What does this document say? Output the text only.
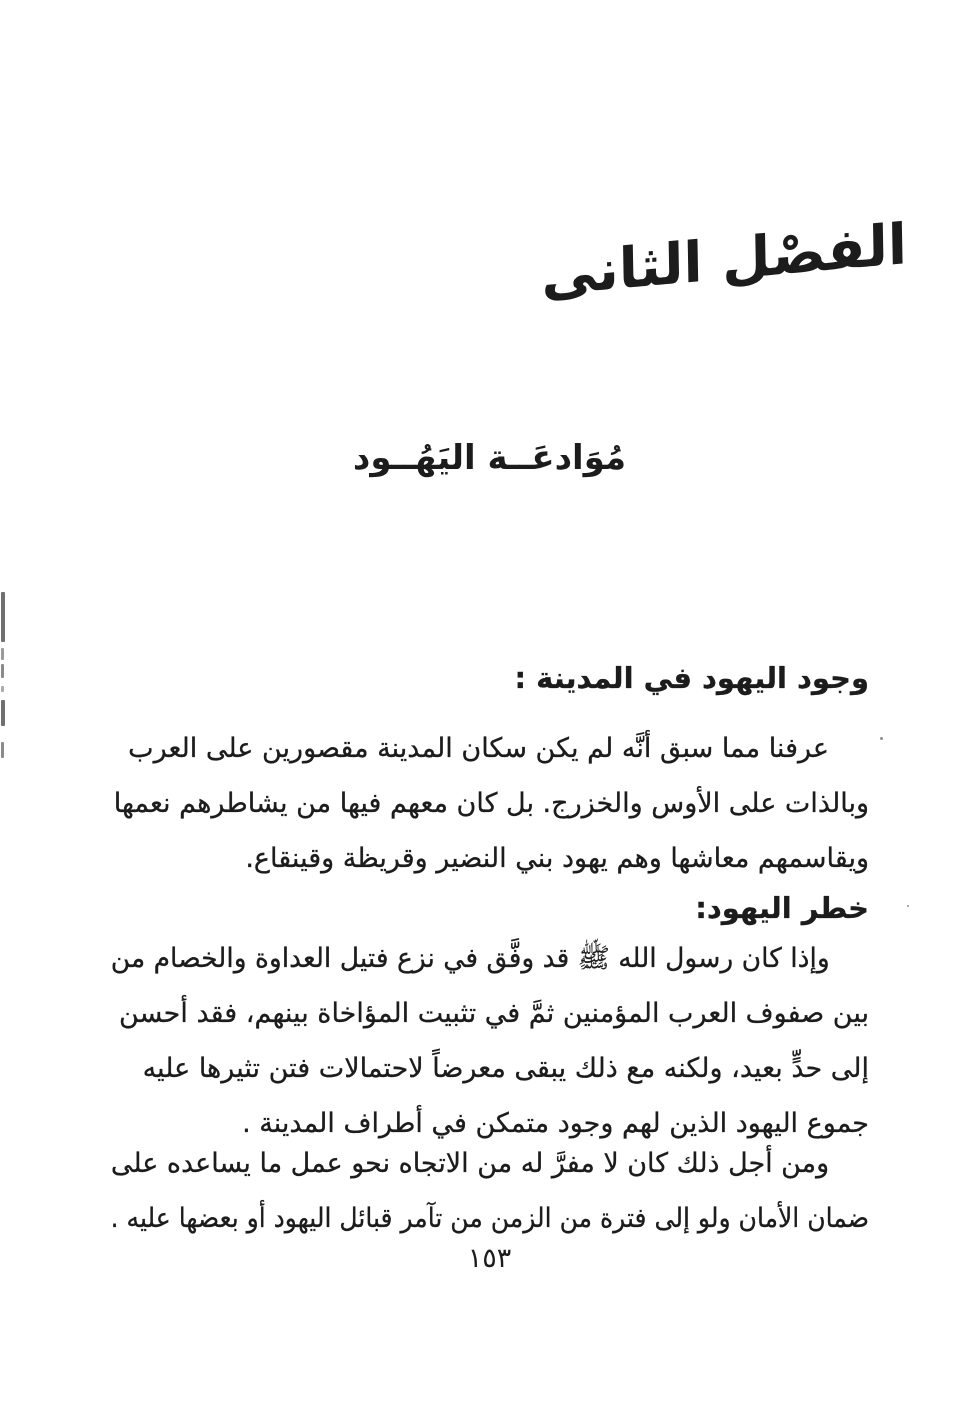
الفصْل الثانى
مُوَادعَــة اليَهُــود
وجود اليهود في المدينة :
عرفنا مما سبق أنَّه لم يكن سكان المدينة مقصورين على العرب
وبالذات على الأوس والخزرج. بل كان معهم فيها من يشاطرهم نعمها
ويقاسمهم معاشها وهم يهود بني النضير وقريظة وقينقاع.
خطر اليهود:
وإذا كان رسول الله ﷺ قد وفَّق في نزع فتيل العداوة والخصام من
بين صفوف العرب المؤمنين ثمَّ في تثبيت المؤاخاة بينهم، فقد أحسن
إلى حدٍّ بعيد، ولكنه مع ذلك يبقى معرضاً لاحتمالات فتن تثيرها عليه
جموع اليهود الذين لهم وجود متمكن في أطراف المدينة .
ومن أجل ذلك كان لا مفرَّ له من الاتجاه نحو عمل ما يساعده على
ضمان الأمان ولو إلى فترة من الزمن من تآمر قبائل اليهود أو بعضها عليه .
١٥٣
